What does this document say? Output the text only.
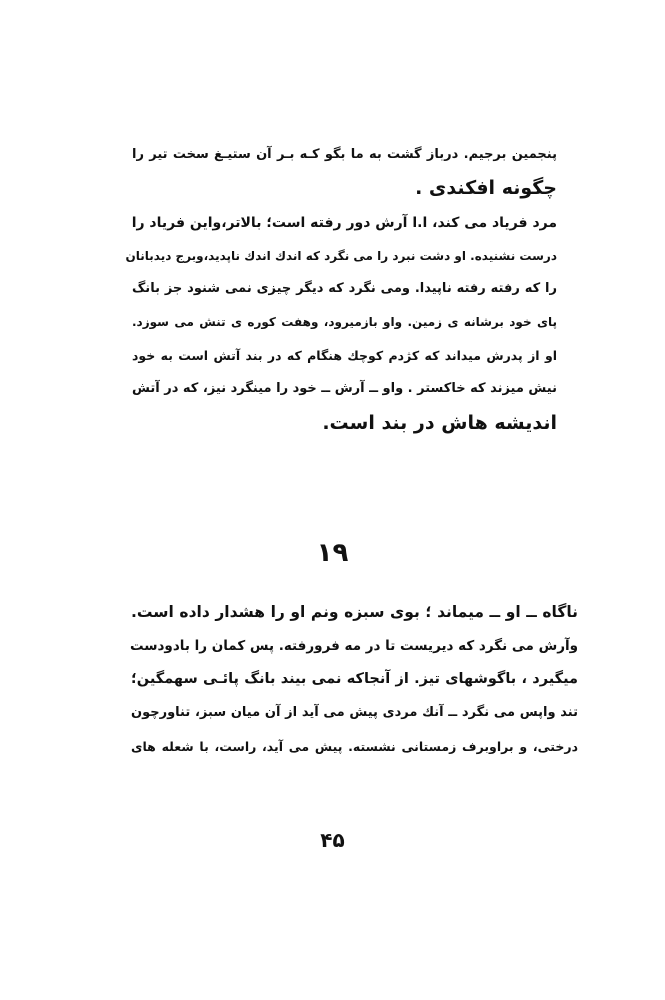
پنجمین برجیم. درباز گشت به ما بگو کـه بـر آن ستیـغ سخت تیر را
چگونه افکندی .
مرد فریاد می کند، ا.ا آرش دور رفته است؛ بالاتر،واین فریاد را
درست نشنیده. او دشت نبرد را می نگرد که اندك اندك ناپدید،وبرج دیدبانان
را که رفته رفته ناپیدا. ومی نگرد که دیگر چیزی نمی شنود جز بانگ
پای خود برشانه ی زمین. واو بازمیرود، وهفت کوره ی تنش می سوزد.
او از پدرش میداند که کژدم کوچك هنگام که در بند آتش است به خود
نیش میزند که خاکستر . واو ــ آرش ــ خود را مینگرد نیز، که در آتش
اندیشه هاش در بند است.
۱۹
ناگاه ــ او ــ میماند ؛ بوی سبزه ونم او را هشدار داده است.
وآرش می نگرد که دیریست تا در مه فرورفته. پس کمان را بادودست
میگیرد ، باگوشهای تیز. از آنجاکه نمی بیند بانگ پائـی سهمگین؛
تند واپس می نگرد ــ آنك مردی پیش می آید از آن میان سبز، تناورچون
درختی، و براوبرف زمستانی نشسته. پیش می آید، راست، با شعله های
۴۵
